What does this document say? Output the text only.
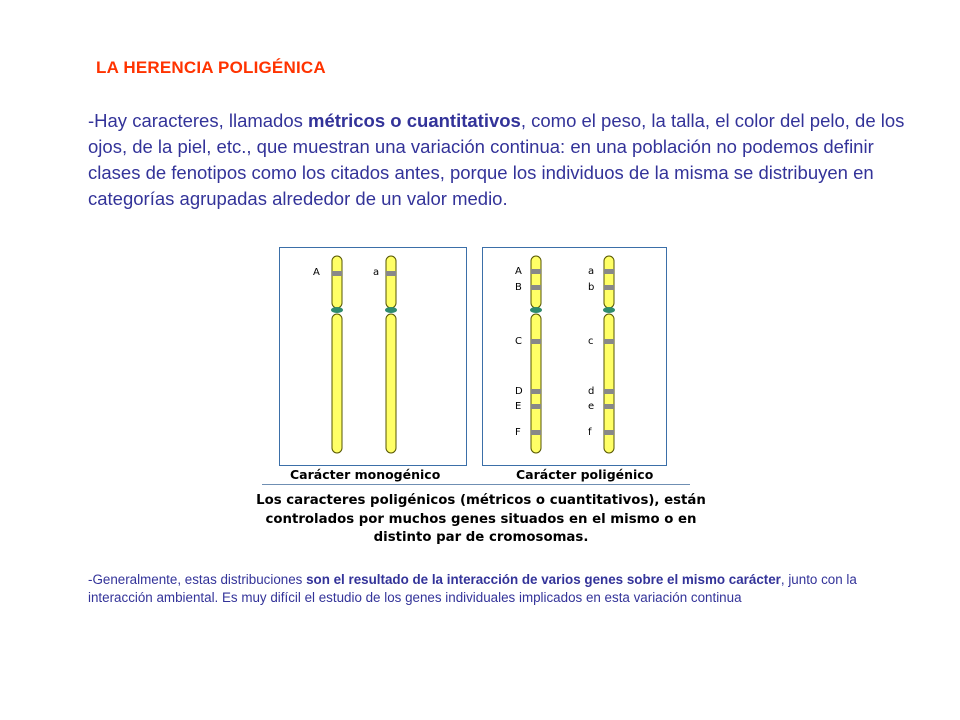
LA HERENCIA POLIGÉNICA
-Hay caracteres, llamados métricos o cuantitativos, como el peso, la talla, el color del pelo, de los ojos, de la piel, etc., que muestran una variación continua: en una población no podemos definir clases de fenotipos como los citados antes, porque los individuos de la misma se distribuyen en categorías agrupadas alrededor de un valor medio.
A	a	A
B
C
D
E
F
a
b
c
d
e
f
Carácter monogénico	Carácter poligénico
Los caracteres poligénicos (métricos o cuantitativos), están controlados por muchos genes situados en el mismo o en distinto par de cromosomas.
-Generalmente, estas distribuciones son el resultado de la interacción de varios genes sobre el mismo carácter, junto con la interacción ambiental. Es muy difícil el estudio de los genes individuales implicados en esta variación continua
